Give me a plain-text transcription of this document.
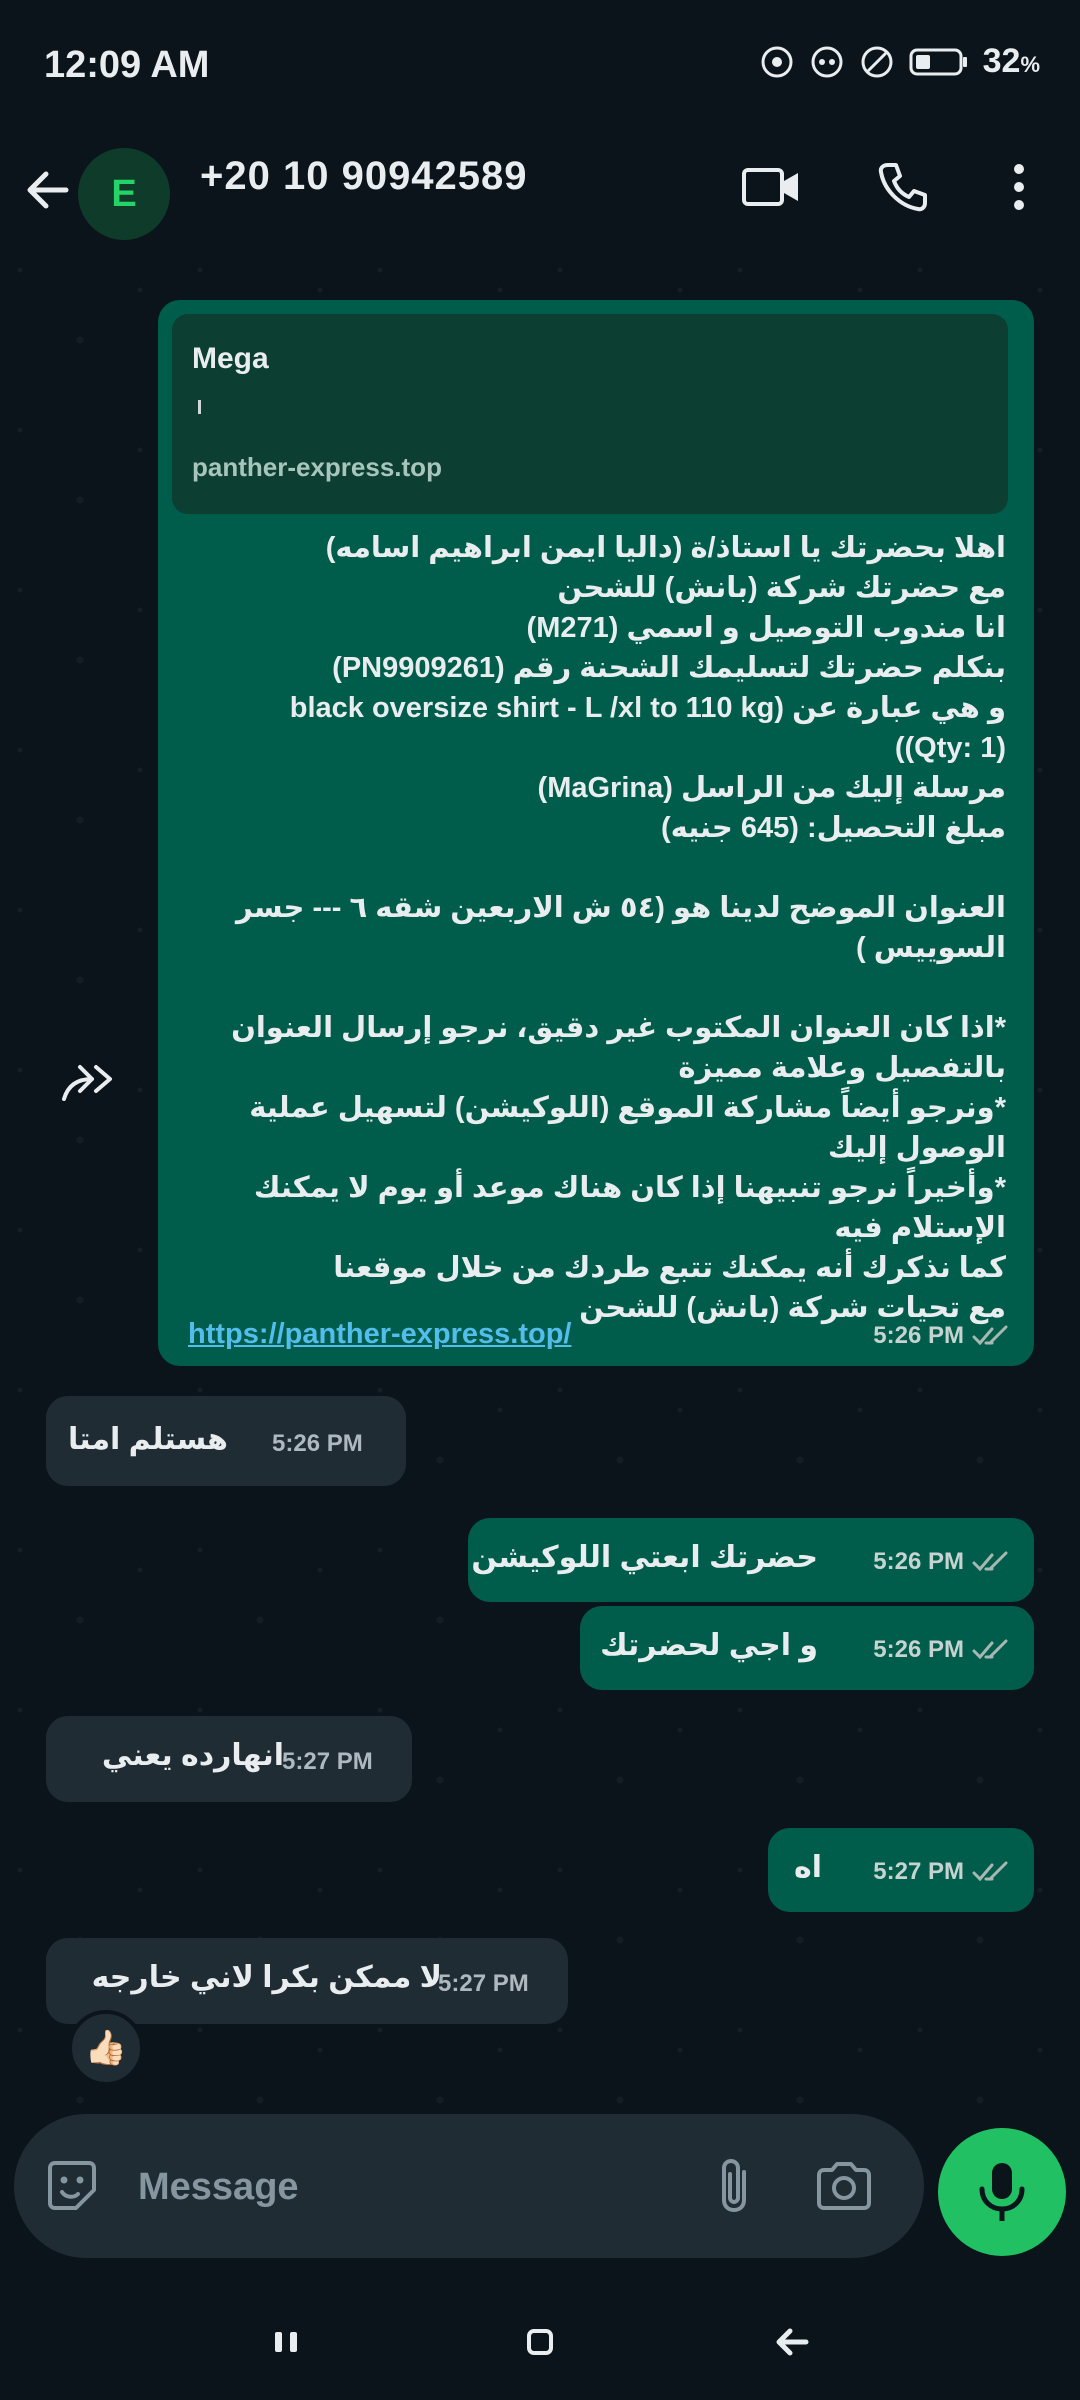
12:09 AM	32%
E	+20 10 90942589
Mega
panther-express.top
اهلا بحضرتك يا استاذ/ة (داليا ايمن ابراهيم اسامه)
مع حضرتك شركة (بانش) للشحن
انا مندوب التوصيل و اسمي (M271)
بنكلم حضرتك لتسليمك الشحنة رقم (PN9909261)
و هي عبارة عن (black oversize shirt - L /xl to 110 kg
(Qty: 1))
مرسلة إليك من الراسل (MaGrina)
مبلغ التحصيل: (645 جنيه)

العنوان الموضح لدينا هو (٥٤ ش الاربعين شقه ٦ --- جسر السوييس )

*اذا كان العنوان المكتوب غير دقيق، نرجو إرسال العنوان بالتفصيل وعلامة مميزة
*ونرجو أيضاً مشاركة الموقع (اللوكيشن) لتسهيل عملية الوصول إليك
*وأخيراً نرجو تنبيهنا إذا كان هناك موعد أو يوم لا يمكنك الإستلام فيه
كما نذكرك أنه يمكنك تتبع طردك من خلال موقعنا
مع تحيات شركة (بانش) للشحن
https://panther-express.top/	5:26 PM
هستلم امتا 5:26 PM
حضرتك ابعتي اللوكيشن 5:26 PM
و اجي لحضرتك 5:26 PM
انهارده يعني
5:27 PM
اه 5:27 PM
لا ممكن بكرا لاني خارجه
5:27 PM
👍🏻
Message
